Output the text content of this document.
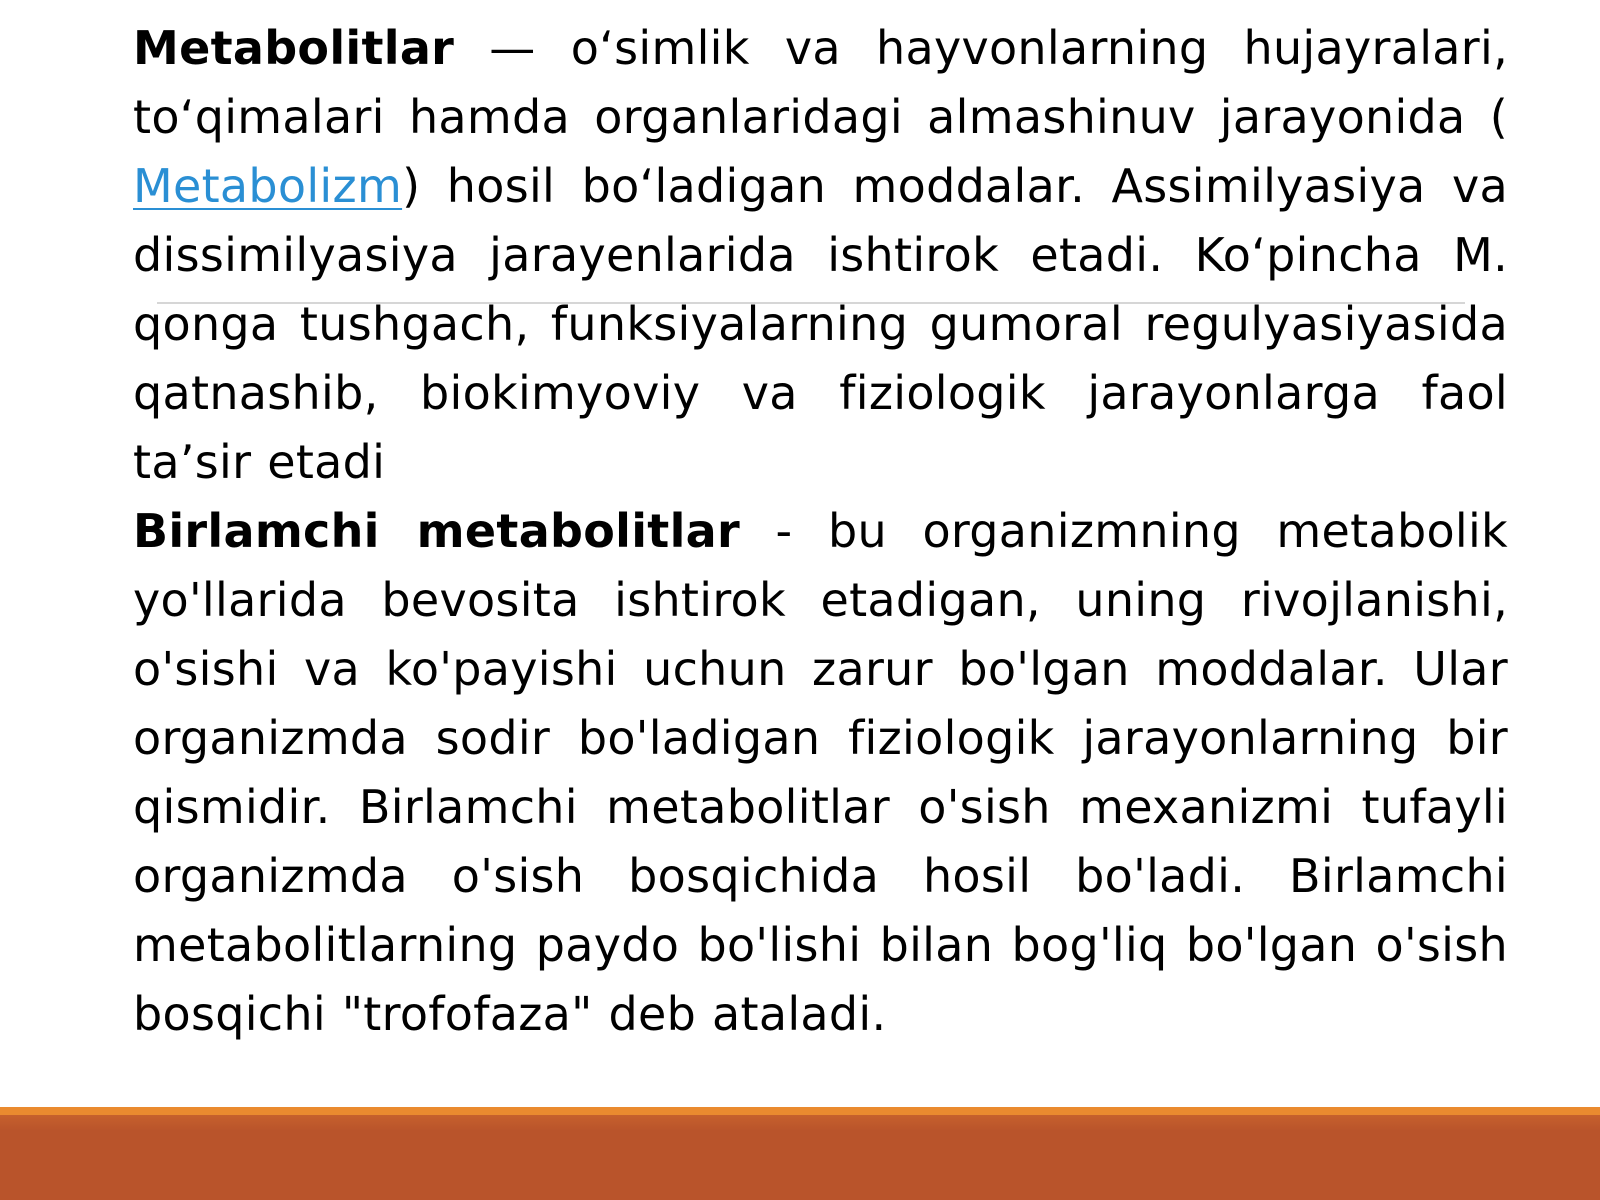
Metabolitlar — o‘simlik va hayvonlarning hujayralari, to‘qimalari hamda organlaridagi almashinuv jarayonida ( Metabolizm) hosil bo‘ladigan moddalar. Assimilyasiya va dissimilyasiya jarayenlarida ishtirok etadi. Ko‘pincha M. qonga tushgach, funksiyalarning gumoral regulyasiyasida qatnashib, biokimyoviy va fiziologik jarayonlarga faol ta’sir etadi

Birlamchi metabolitlar - bu organizmning metabolik yo'llarida bevosita ishtirok etadigan, uning rivojlanishi, o'sishi va ko'payishi uchun zarur bo'lgan moddalar. Ular organizmda sodir bo'ladigan fiziologik jarayonlarning bir qismidir. Birlamchi metabolitlar o'sish mexanizmi tufayli organizmda o'sish bosqichida hosil bo'ladi. Birlamchi metabolitlarning paydo bo'lishi bilan bog'liq bo'lgan o'sish bosqichi "trofofaza" deb ataladi.
